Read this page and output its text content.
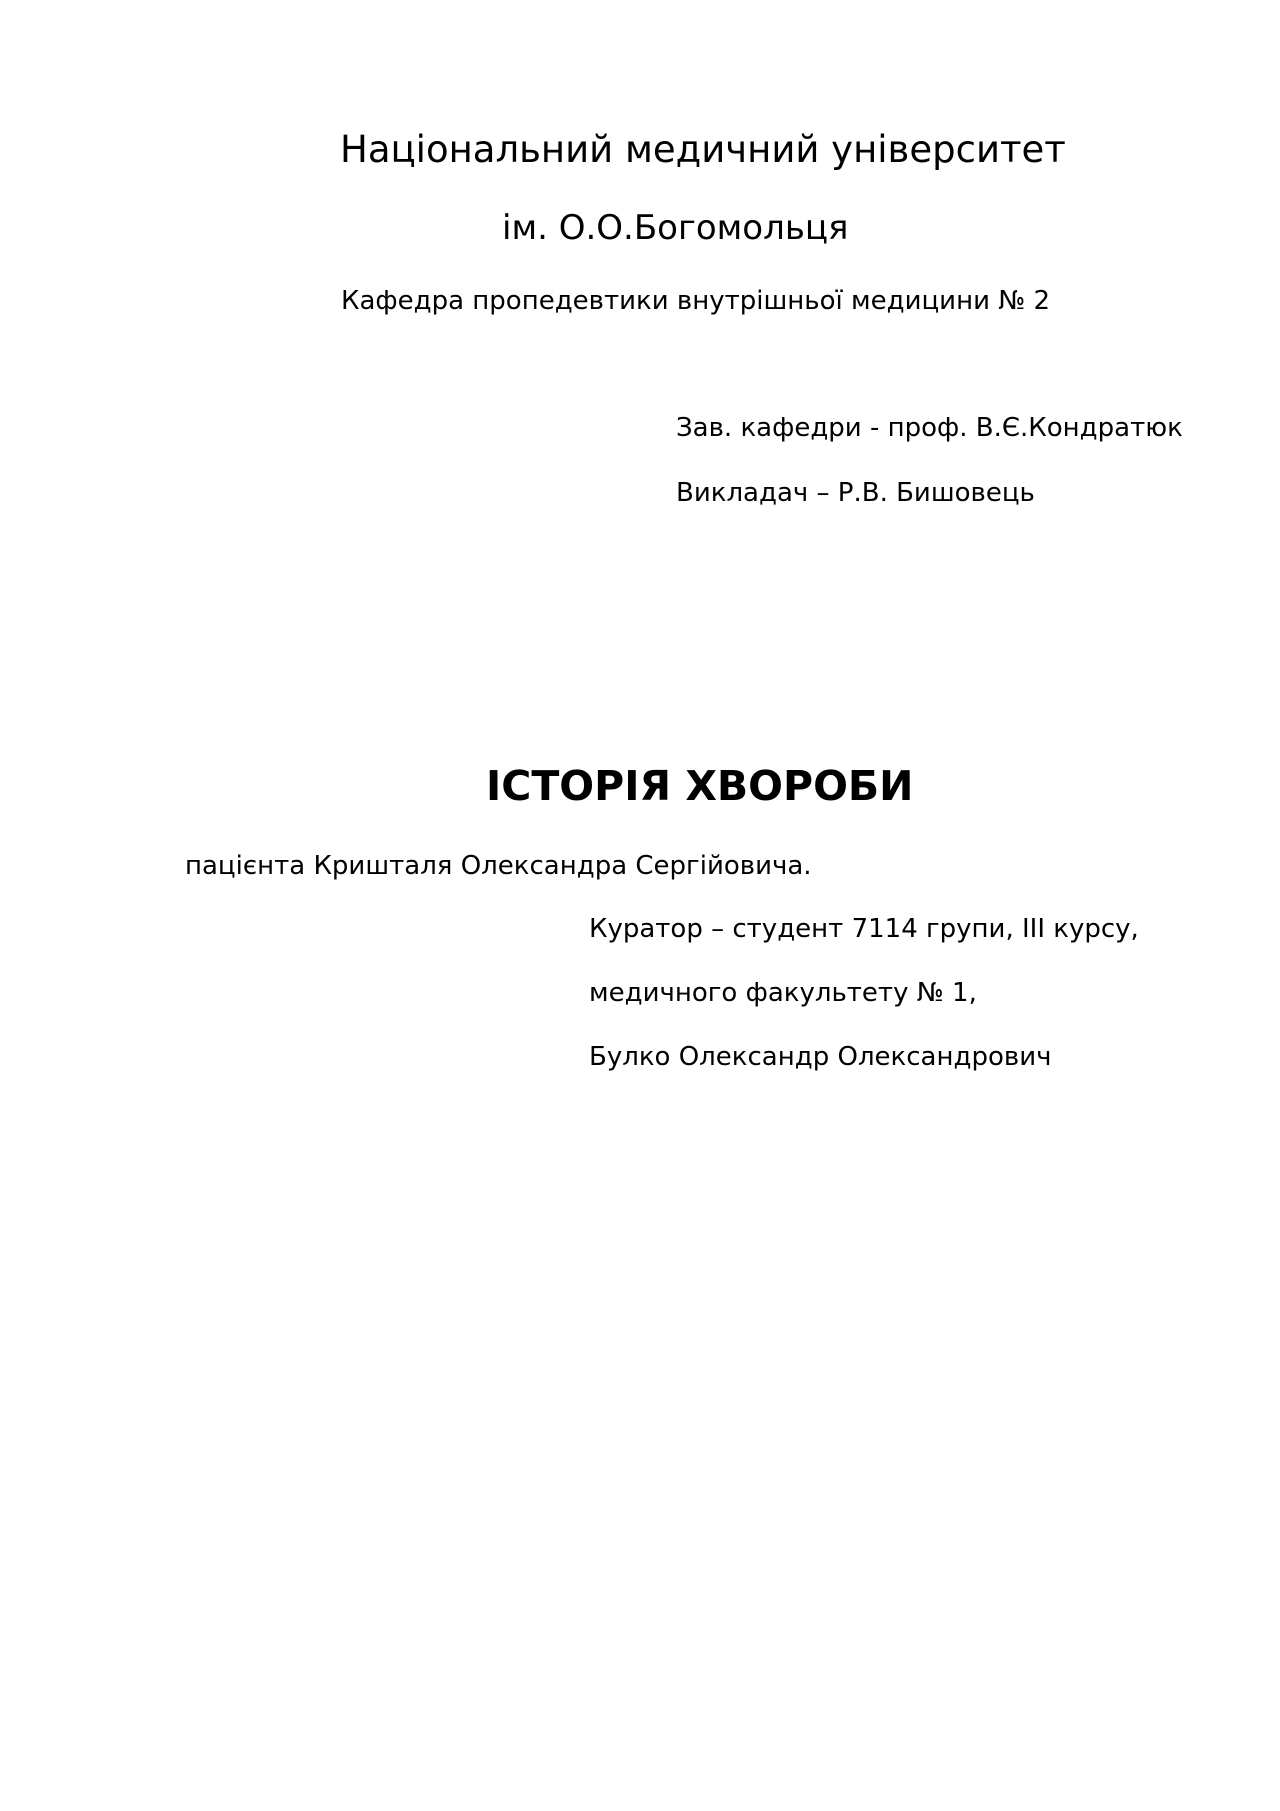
Національний медичний університет
ім. О.О.Богомольця
Кафедра пропедевтики внутрішньої медицини № 2
Зав. кафедри - проф. В.Є.Кондратюк
Викладач – Р.В. Бишовець
ІСТОРІЯ ХВОРОБИ
пацієнта Кришталя Олександра Сергійовича.
Куратор – студент 7114 групи, ІІІ курсу,
медичного факультету № 1,
Булко Олександр Олександрович
